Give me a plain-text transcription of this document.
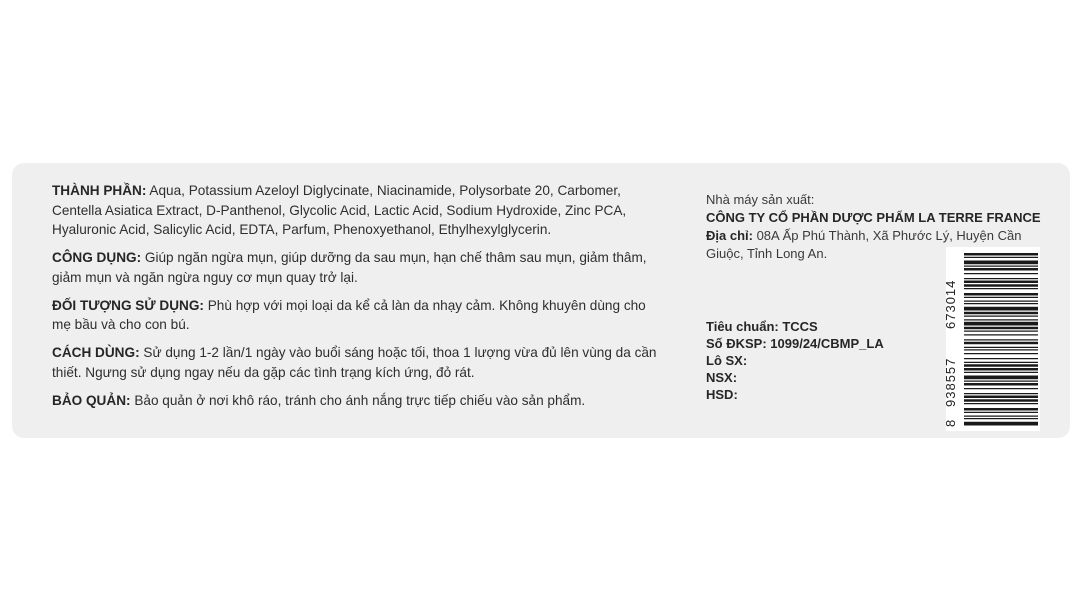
THÀNH PHẦN: Aqua, Potassium Azeloyl Diglycinate, Niacinamide, Polysorbate 20, Carbomer, Centella Asiatica Extract, D-Panthenol, Glycolic Acid, Lactic Acid, Sodium Hydroxide, Zinc PCA, Hyaluronic Acid, Salicylic Acid, EDTA, Parfum, Phenoxyethanol, Ethylhexylglycerin.

CÔNG DỤNG: Giúp ngăn ngừa mụn, giúp dưỡng da sau mụn, hạn chế thâm sau mụn, giảm thâm, giảm mụn và ngăn ngừa nguy cơ mụn quay trở lại.

ĐỐI TƯỢNG SỬ DỤNG: Phù hợp với mọi loại da kể cả làn da nhạy cảm. Không khuyên dùng cho mẹ bầu và cho con bú.

CÁCH DÙNG: Sử dụng 1-2 lần/1 ngày vào buổi sáng hoặc tối, thoa 1 lượng vừa đủ lên vùng da cần thiết. Ngưng sử dụng ngay nếu da gặp các tình trạng kích ứng, đỏ rát.

BẢO QUẢN: Bảo quản ở nơi khô ráo, tránh cho ánh nắng trực tiếp chiếu vào sản phẩm.

Nhà máy sản xuất:
CÔNG TY CỔ PHẦN DƯỢC PHẨM LA TERRE FRANCE
Địa chỉ: 08A Ấp Phú Thành, Xã Phước Lý, Huyện Cần Giuộc, Tỉnh Long An.
Tiêu chuẩn: TCCS
Số ĐKSP: 1099/24/CBMP_LA
Lô SX:
NSX:
HSD:
8
938557
673014
